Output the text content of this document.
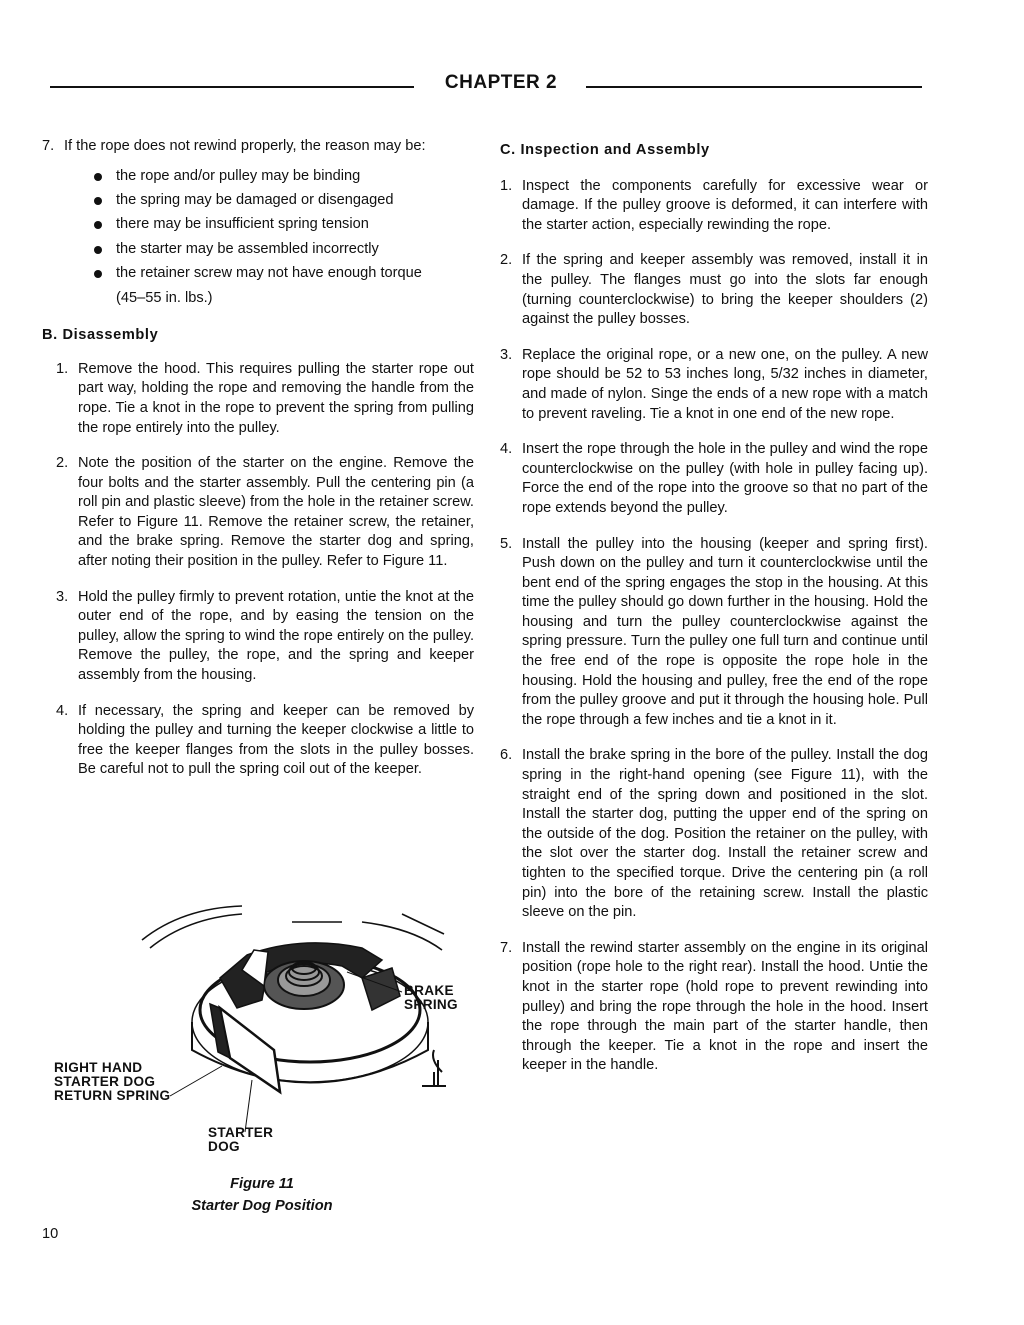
CHAPTER 2
7. If the rope does not rewind properly, the reason may be:
the rope and/or pulley may be binding
the spring may be damaged or disengaged
there may be insufficient spring tension
the starter may be assembled incorrectly
the retainer screw may not have enough torque
(45–55 in. lbs.)
B. Disassembly
1. Remove the hood. This requires pulling the starter rope out part way, holding the rope and removing the handle from the rope. Tie a knot in the rope to prevent the spring from pulling the rope entirely into the pulley.
2. Note the position of the starter on the engine. Remove the four bolts and the starter assembly. Pull the centering pin (a roll pin and plastic sleeve) from the hole in the retainer screw. Refer to Figure 11. Remove the retainer screw, the retainer, and the brake spring. Remove the starter dog and spring, after noting their position in the pulley. Refer to Figure 11.
3. Hold the pulley firmly to prevent rotation, untie the knot at the outer end of the rope, and by easing the tension on the pulley, allow the spring to wind the rope entirely on the pulley. Remove the pulley, the rope, and the spring and keeper assembly from the housing.
4. If necessary, the spring and keeper can be removed by holding the pulley and turning the keeper clockwise a little to free the keeper flanges from the slots in the pulley bosses. Be careful not to pull the spring coil out of the keeper.
BRAKE
SPRING
RIGHT HAND
STARTER DOG
RETURN SPRING
STARTER
DOG
Figure 11
Starter Dog Position
C. Inspection and Assembly
1. Inspect the components carefully for excessive wear or damage. If the pulley groove is deformed, it can interfere with the starter action, especially rewinding the rope.
2. If the spring and keeper assembly was removed, install it in the pulley. The flanges must go into the slots far enough (turning counterclockwise) to bring the keeper shoulders (2) against the pulley bosses.
3. Replace the original rope, or a new one, on the pulley. A new rope should be 52 to 53 inches long, 5/32 inches in diameter, and made of nylon. Singe the ends of a new rope with a match to prevent raveling. Tie a knot in one end of the new rope.
4. Insert the rope through the hole in the pulley and wind the rope counterclockwise on the pulley (with hole in pulley facing up). Force the end of the rope into the groove so that no part of the rope extends beyond the pulley.
5. Install the pulley into the housing (keeper and spring first). Push down on the pulley and turn it counterclockwise until the bent end of the spring engages the stop in the housing. At this time the pulley should go down further in the housing. Hold the housing and turn the pulley counterclockwise against the spring pressure. Turn the pulley one full turn and continue until the free end of the rope is opposite the rope hole in the housing. Hold the housing and pulley, free the end of the rope from the pulley groove and put it through the housing hole. Pull the rope through a few inches and tie a knot in it.
6. Install the brake spring in the bore of the pulley. Install the dog spring in the right-hand opening (see Figure 11), with the straight end of the spring down and positioned in the slot. Install the starter dog, putting the upper end of the spring on the outside of the dog. Position the retainer on the pulley, with the slot over the starter dog. Install the retainer screw and tighten to the specified torque. Drive the centering pin (a roll pin) into the bore of the retaining screw. Install the plastic sleeve on the pin.
7. Install the rewind starter assembly on the engine in its original position (rope hole to the right rear). Install the hood. Untie the knot in the starter rope (hold rope to prevent rewinding into pulley) and bring the rope through the hole in the hood. Insert the rope through the main part of the starter handle, then through the keeper. Tie a knot in the rope and insert the keeper in the handle.
10
